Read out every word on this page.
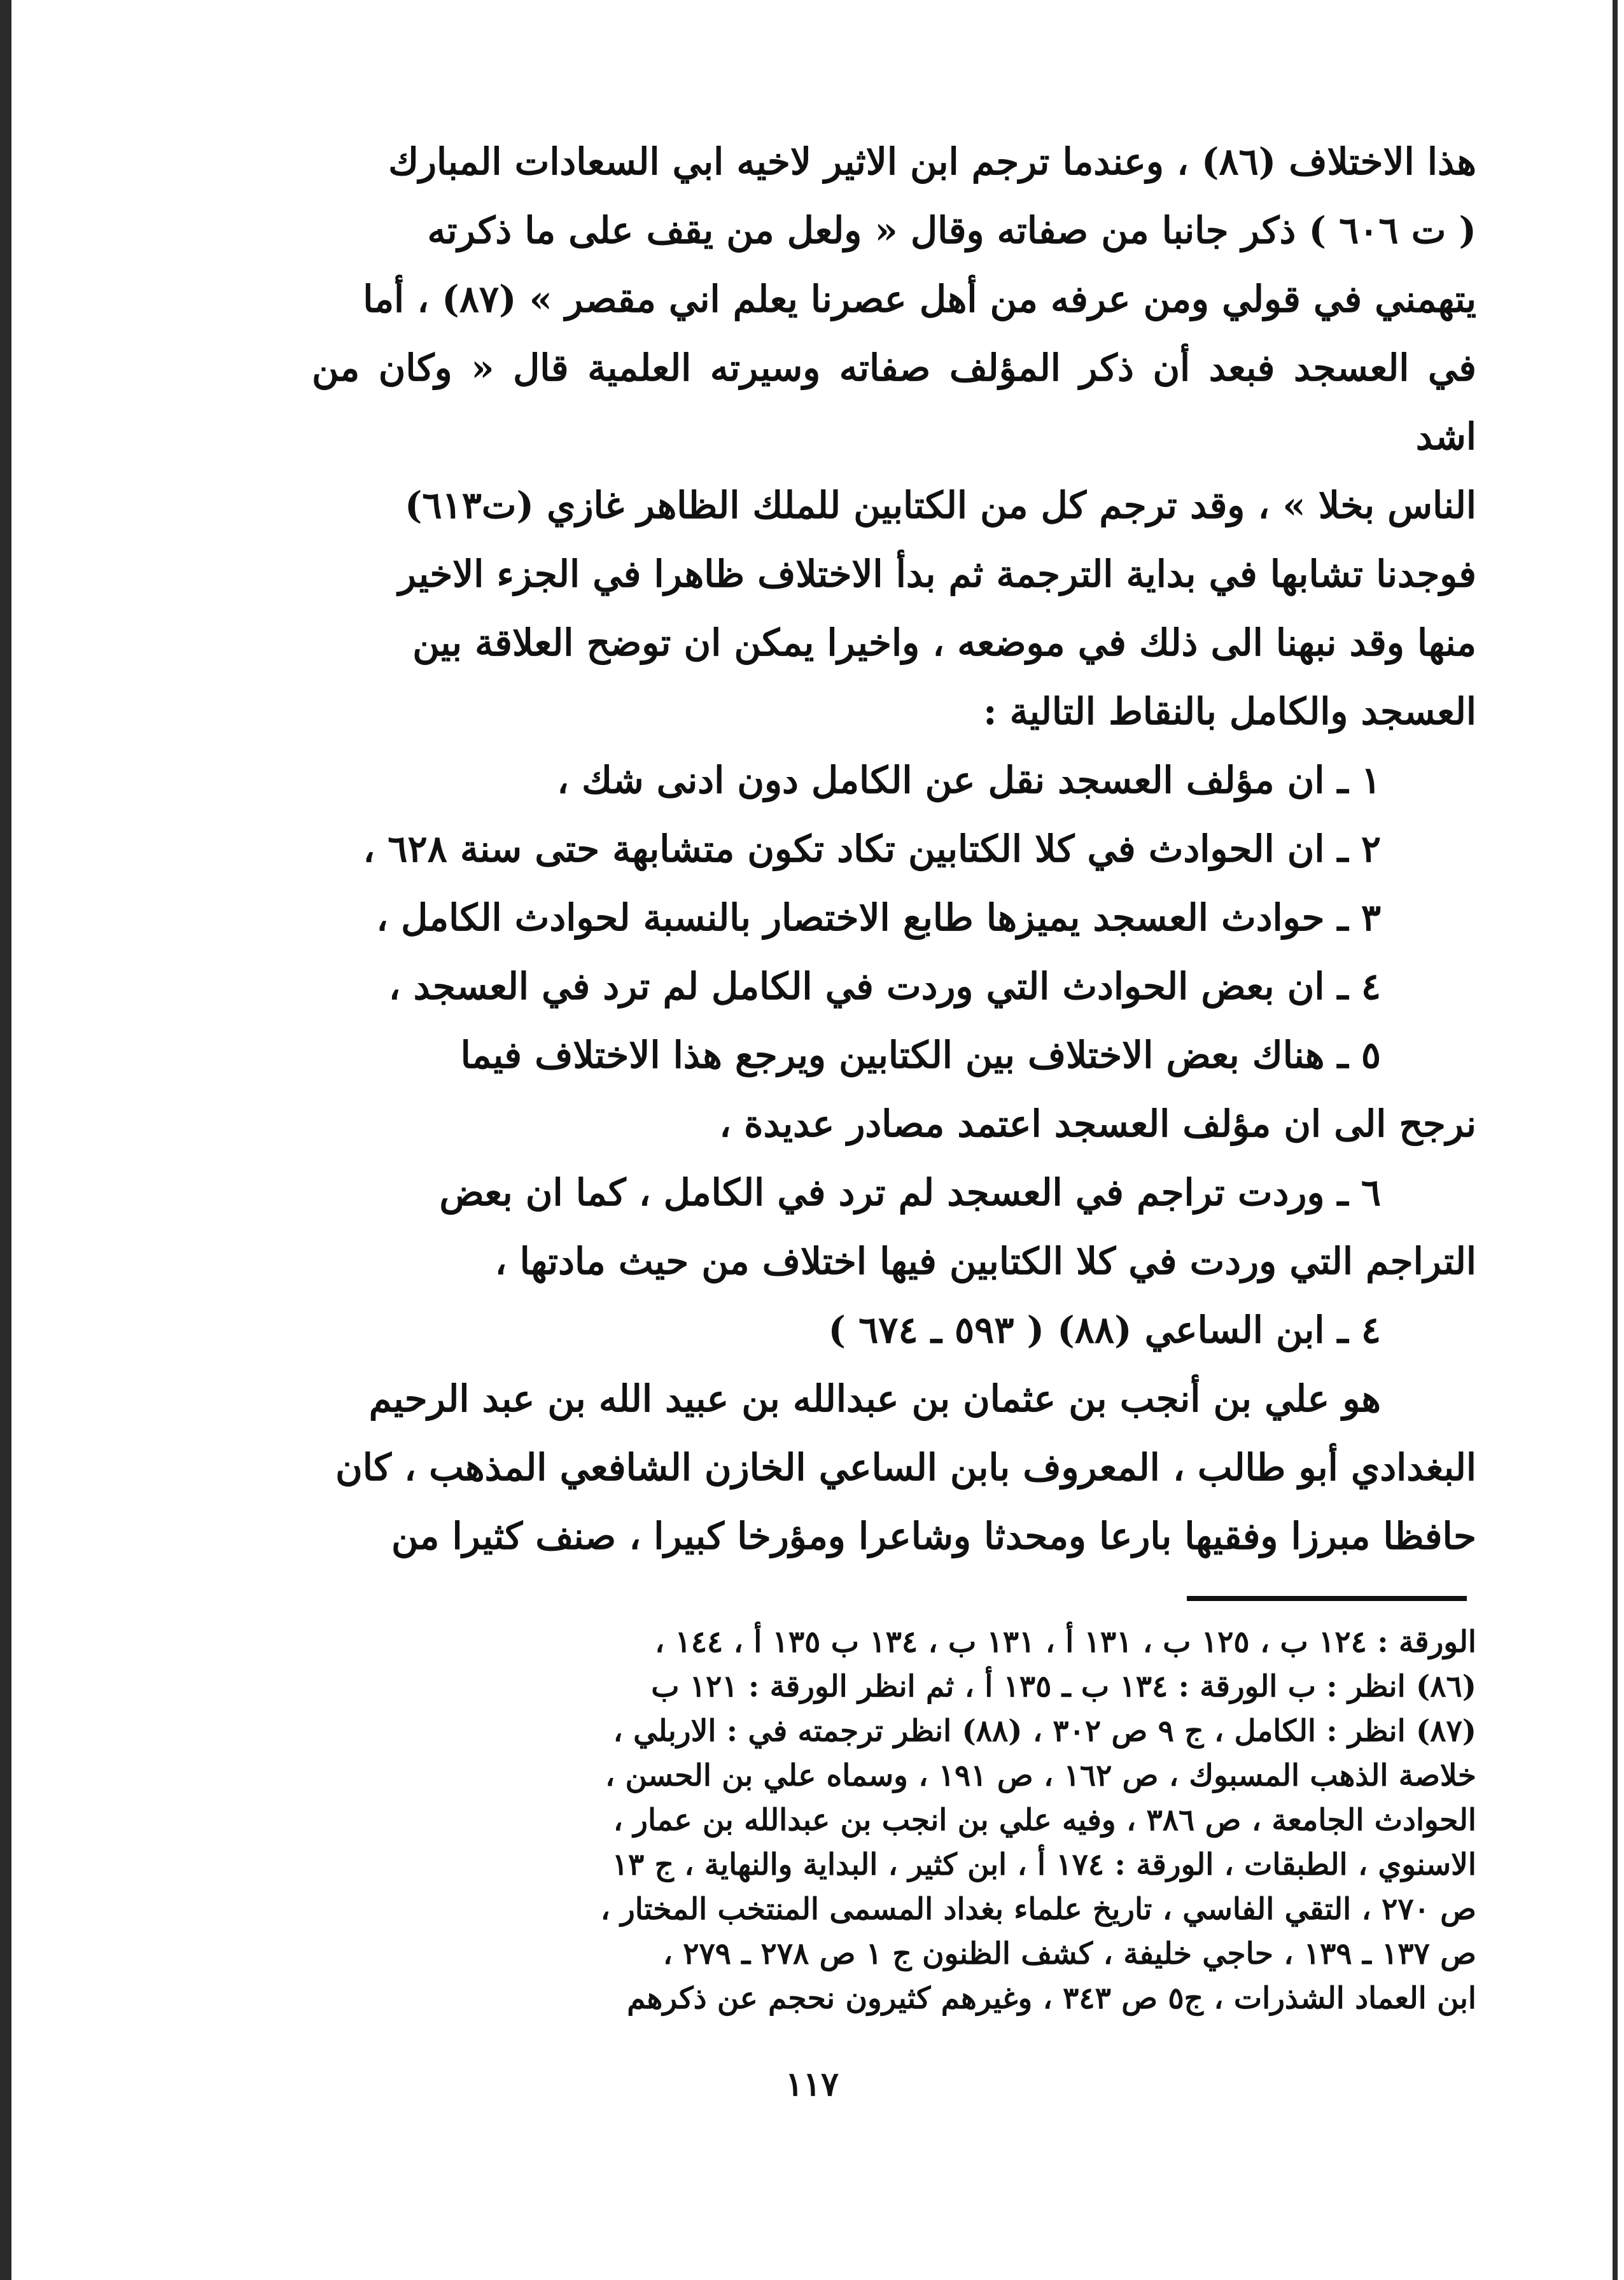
هذا الاختلاف (٨٦) ، وعندما ترجم ابن الاثير لاخيه ابي السعادات المبارك

( ت ٦٠٦ ) ذكر جانبا من صفاته وقال « ولعل من يقف على ما ذكرته

يتهمني في قولي ومن عرفه من أهل عصرنا يعلم اني مقصر » (٨٧) ، أما

في العسجد فبعد أن ذكر المؤلف صفاته وسيرته العلمية قال « وكان من اشد

الناس بخلا » ، وقد ترجم كل من الكتابين للملك الظاهر غازي (ت٦١٣)

فوجدنا تشابها في بداية الترجمة ثم بدأ الاختلاف ظاهرا في الجزء الاخير

منها وقد نبهنا الى ذلك في موضعه ، واخيرا يمكن ان توضح العلاقة بين

العسجد والكامل بالنقاط التالية :

١ ـ ان مؤلف العسجد نقل عن الكامل دون ادنى شك ،

٢ ـ ان الحوادث في كلا الكتابين تكاد تكون متشابهة حتى سنة ٦٢٨ ،

٣ ـ حوادث العسجد يميزها طابع الاختصار بالنسبة لحوادث الكامل ،

٤ ـ ان بعض الحوادث التي وردت في الكامل لم ترد في العسجد ،

٥ ـ هناك بعض الاختلاف بين الكتابين ويرجع هذا الاختلاف فيما

نرجح الى ان مؤلف العسجد اعتمد مصادر عديدة ،

٦ ـ وردت تراجم في العسجد لم ترد في الكامل ، كما ان بعض

التراجم التي وردت في كلا الكتابين فيها اختلاف من حيث مادتها ،

٤ ـ ابن الساعي (٨٨) ( ٥٩٣ ـ ٦٧٤ )

هو علي بن أنجب بن عثمان بن عبدالله بن عبيد الله بن عبد الرحيم

البغدادي أبو طالب ، المعروف بابن الساعي الخازن الشافعي المذهب ، كان

حافظا مبرزا وفقيها بارعا ومحدثا وشاعرا ومؤرخا كبيرا ، صنف كثيرا من

الورقة : ١٢٤ ب ، ١٢٥ ب ، ١٣١ أ ، ١٣١ ب ، ١٣٤ ب ١٣٥ أ ، ١٤٤ ،

(٨٦) انظر : ب الورقة : ١٣٤ ب ـ ١٣٥ أ ، ثم انظر الورقة : ١٢١ ب

(٨٧) انظر : الكامل ، ج ٩ ص ٣٠٢ ، (٨٨) انظر ترجمته في : الاربلي ،

خلاصة الذهب المسبوك ، ص ١٦٢ ، ص ١٩١ ، وسماه علي بن الحسن ،

الحوادث الجامعة ، ص ٣٨٦ ، وفيه علي بن انجب بن عبدالله بن عمار ،

الاسنوي ، الطبقات ، الورقة : ١٧٤ أ ، ابن كثير ، البداية والنهاية ، ج ١٣

ص ٢٧٠ ، التقي الفاسي ، تاريخ علماء بغداد المسمى المنتخب المختار ،

ص ١٣٧ ـ ١٣٩ ، حاجي خليفة ، كشف الظنون ج ١ ص ٢٧٨ ـ ٢٧٩ ،

ابن العماد الشذرات ، ج٥ ص ٣٤٣ ، وغيرهم كثيرون نحجم عن ذكرهم

١١٧
